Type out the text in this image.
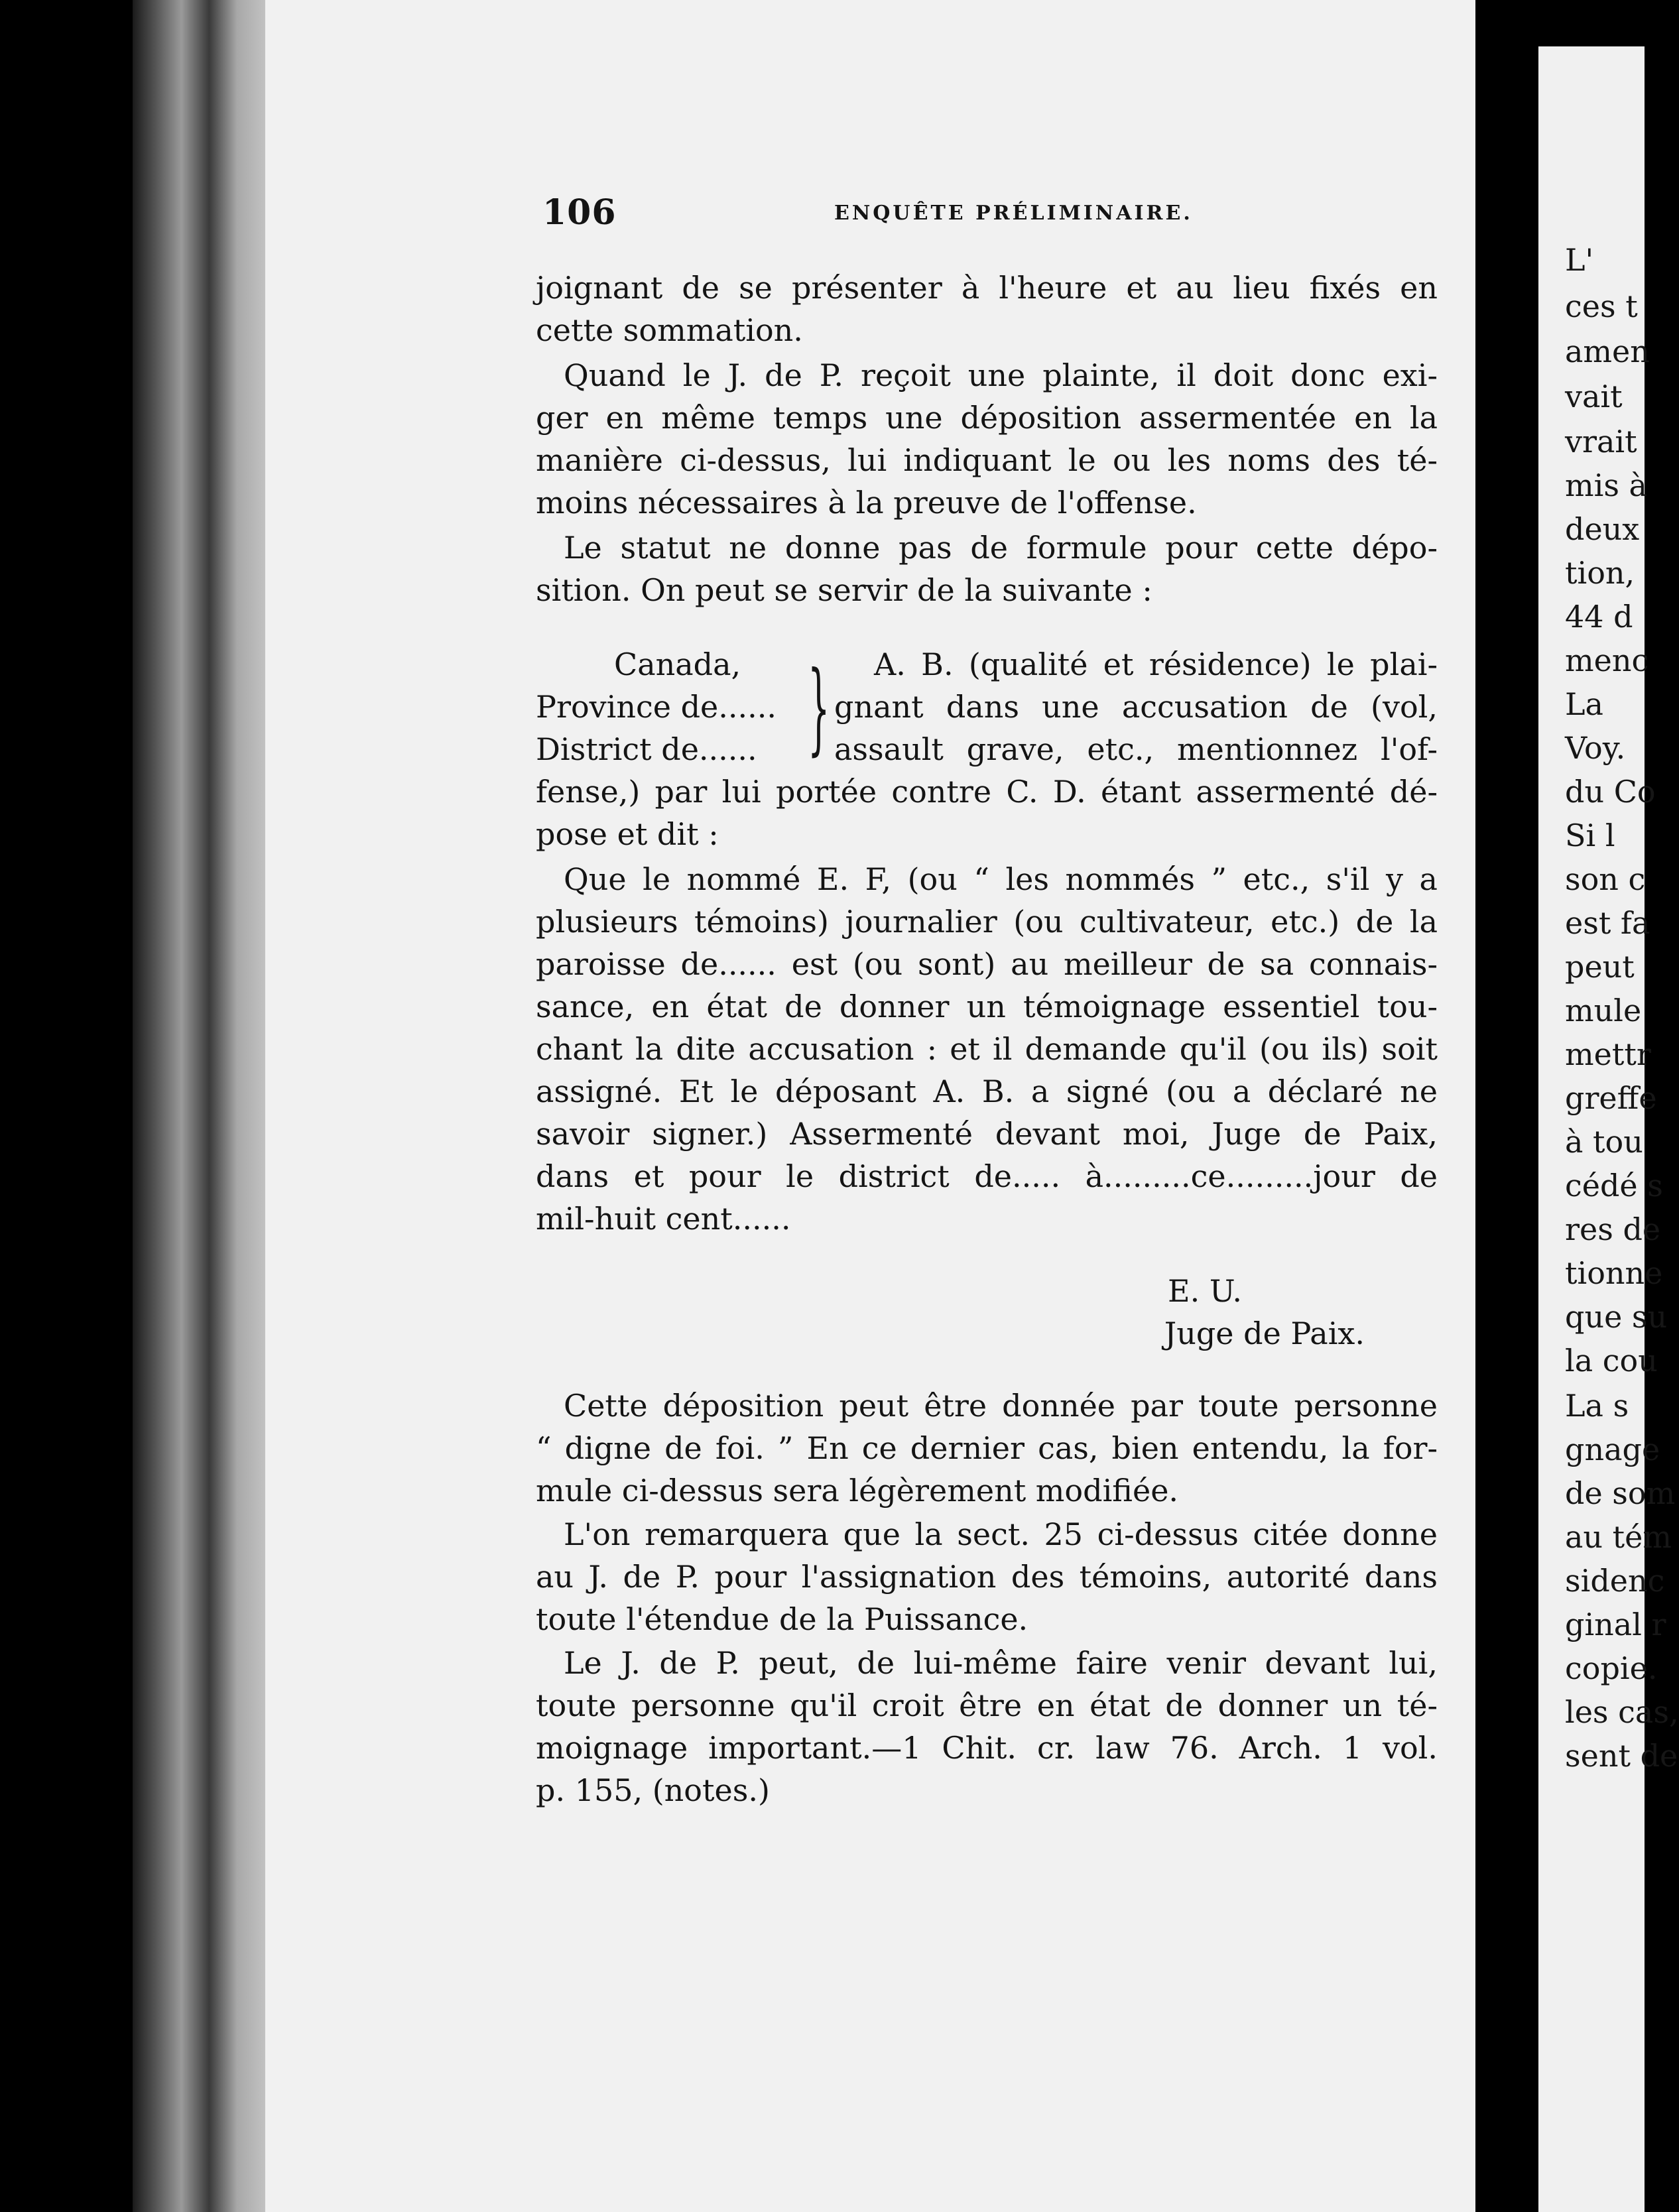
L'
ces t
amen
vait
vrait
mis à
deux
tion,
44 d
menc
La
Voy.
du Co
Si l
son c
est fa
peut
mule
mettr
greffe
à tou
cédé s
res de
tionne
que su
la cou
La s
gnage
de som
au tém
sidenc
ginal r
copie.
les cas,
sent de
106	ENQUÊTE PRÉLIMINAIRE.
joignant de se présenter à l'heure et au lieu fixés en
cette sommation.
Quand le J. de P. reçoit une plainte, il doit donc exi-
ger en même temps une déposition assermentée en la
manière ci-dessus, lui indiquant le ou les noms des té-
moins nécessaires à la preuve de l'offense.
Le statut ne donne pas de formule pour cette dépo-
sition. On peut se servir de la suivante :
Canada,
Province de......
District de...... }	A. B. (qualité et résidence) le plai-
gnant dans une accusation de (vol,
assault grave, etc., mentionnez l'of-
fense,) par lui portée contre C. D. étant assermenté dé-
pose et dit :
Que le nommé E. F, (ou “ les nommés ” etc., s'il y a
plusieurs témoins) journalier (ou cultivateur, etc.) de la
paroisse de...... est (ou sont) au meilleur de sa connais-
sance, en état de donner un témoignage essentiel tou-
chant la dite accusation : et il demande qu'il (ou ils) soit
assigné. Et le déposant A. B. a signé (ou a déclaré ne
savoir signer.) Assermenté devant moi, Juge de Paix,
dans et pour le district de..... à.........ce.........jour de
mil-huit cent......
E. U.
Juge de Paix.
Cette déposition peut être donnée par toute personne
“ digne de foi. ” En ce dernier cas, bien entendu, la for-
mule ci-dessus sera légèrement modifiée.
L'on remarquera que la sect. 25 ci-dessus citée donne
au J. de P. pour l'assignation des témoins, autorité dans
toute l'étendue de la Puissance.
Le J. de P. peut, de lui-même faire venir devant lui,
toute personne qu'il croit être en état de donner un té-
moignage important.—1 Chit. cr. law 76. Arch. 1 vol.
p. 155, (notes.)
